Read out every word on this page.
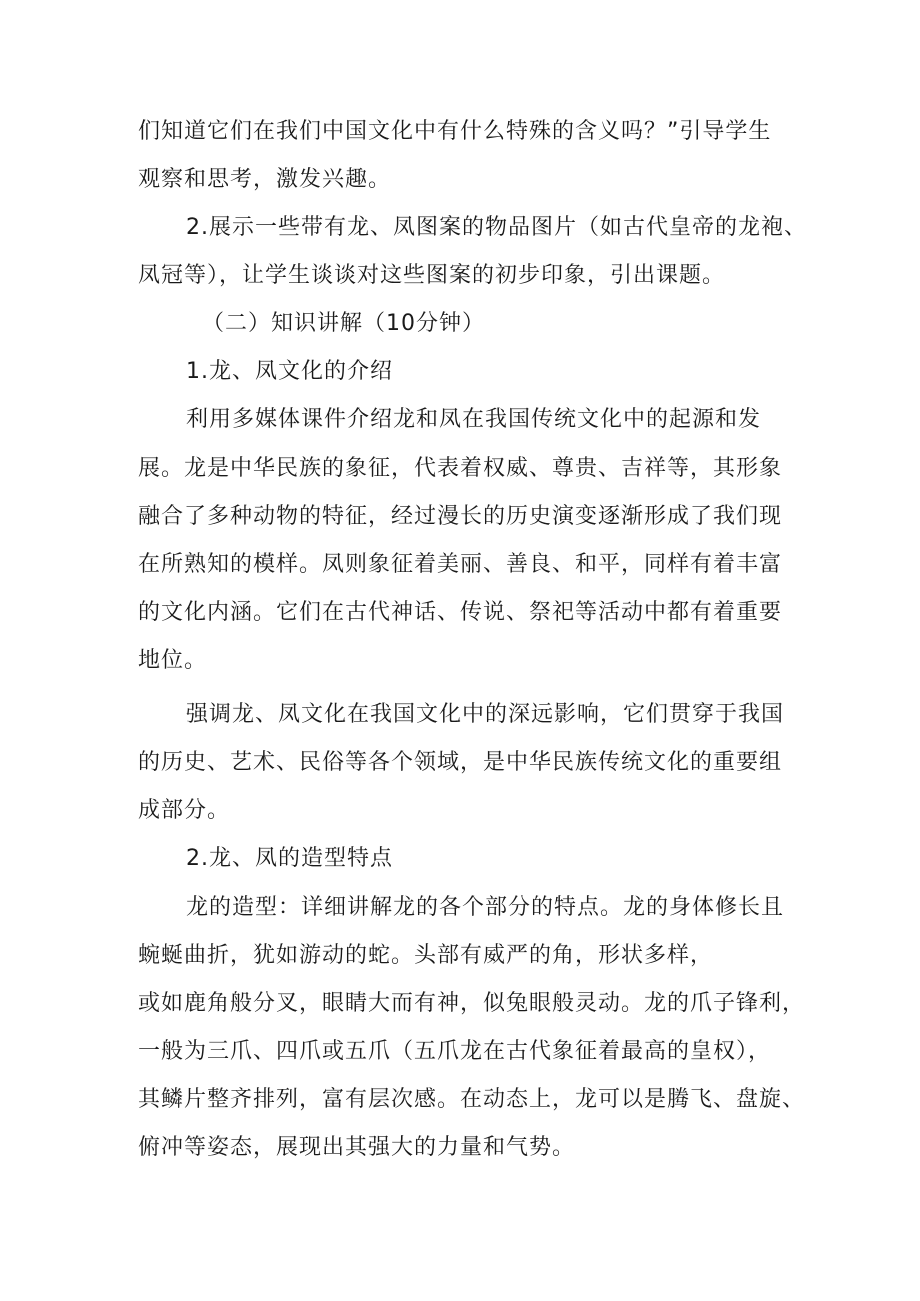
们知道它们在我们中国文化中有什么特殊的含义吗？”引导学生
观察和思考，激发兴趣。
2.展示一些带有龙、凤图案的物品图片（如古代皇帝的龙袍、
凤冠等），让学生谈谈对这些图案的初步印象，引出课题。
（二）知识讲解（10分钟）
1.龙、凤文化的介绍
利用多媒体课件介绍龙和凤在我国传统文化中的起源和发
展。龙是中华民族的象征，代表着权威、尊贵、吉祥等，其形象
融合了多种动物的特征，经过漫长的历史演变逐渐形成了我们现
在所熟知的模样。凤则象征着美丽、善良、和平，同样有着丰富
的文化内涵。它们在古代神话、传说、祭祀等活动中都有着重要
地位。
强调龙、凤文化在我国文化中的深远影响，它们贯穿于我国
的历史、艺术、民俗等各个领域，是中华民族传统文化的重要组
成部分。
2.龙、凤的造型特点
龙的造型：详细讲解龙的各个部分的特点。龙的身体修长且
蜿蜒曲折，犹如游动的蛇。头部有威严的角，形状多样，
或如鹿角般分叉，眼睛大而有神，似兔眼般灵动。龙的爪子锋利，
一般为三爪、四爪或五爪（五爪龙在古代象征着最高的皇权），
其鳞片整齐排列，富有层次感。在动态上，龙可以是腾飞、盘旋、
俯冲等姿态，展现出其强大的力量和气势。
